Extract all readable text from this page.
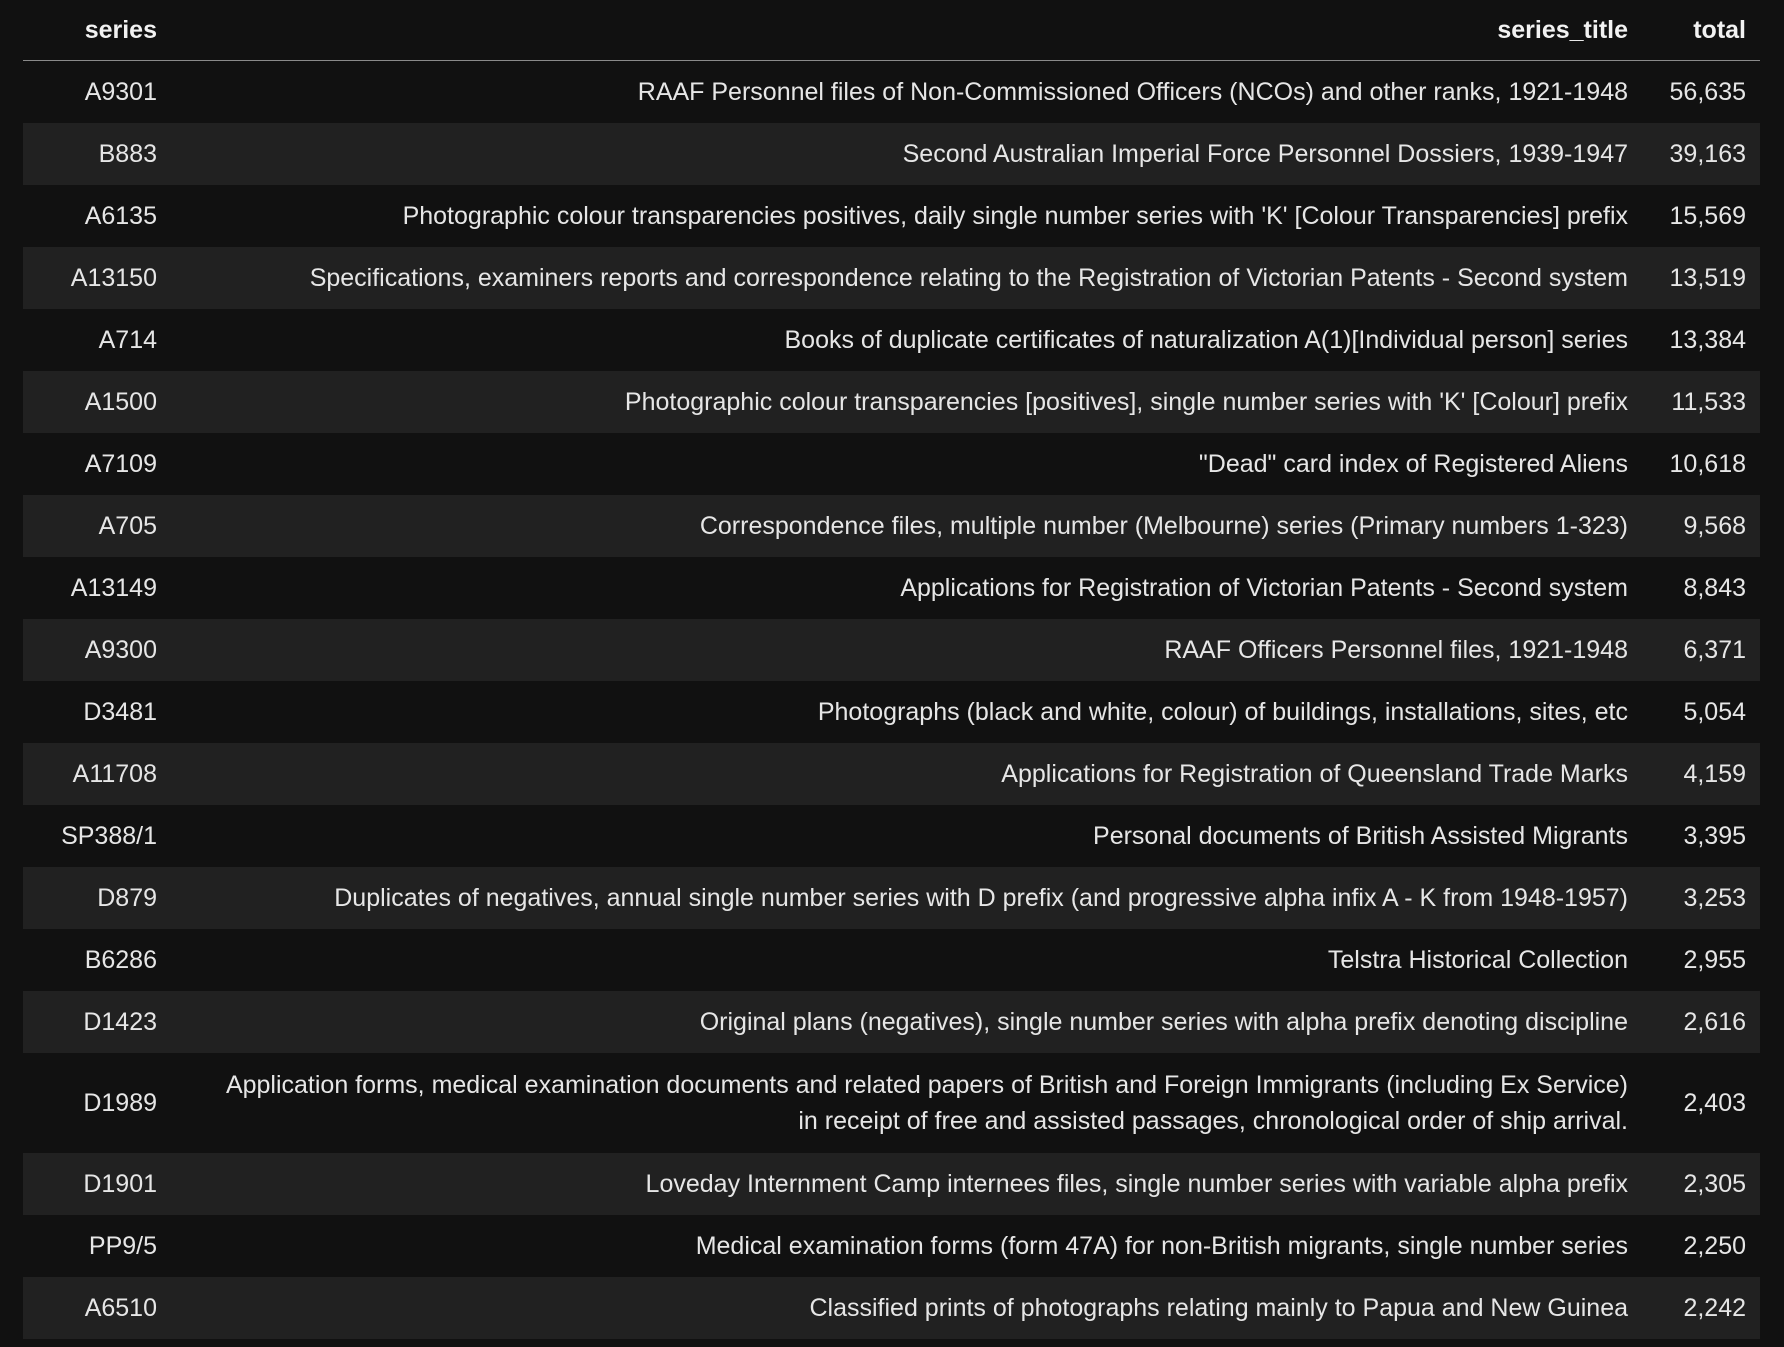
series	series_title	total
A9301	RAAF Personnel files of Non-Commissioned Officers (NCOs) and other ranks, 1921-1948	56,635
B883	Second Australian Imperial Force Personnel Dossiers, 1939-1947	39,163
A6135	Photographic colour transparencies positives, daily single number series with 'K' [Colour Transparencies] prefix	15,569
A13150	Specifications, examiners reports and correspondence relating to the Registration of Victorian Patents - Second system	13,519
A714	Books of duplicate certificates of naturalization A(1)[Individual person] series	13,384
A1500	Photographic colour transparencies [positives], single number series with 'K' [Colour] prefix	11,533
A7109	"Dead" card index of Registered Aliens	10,618
A705	Correspondence files, multiple number (Melbourne) series (Primary numbers 1-323)	9,568
A13149	Applications for Registration of Victorian Patents - Second system	8,843
A9300	RAAF Officers Personnel files, 1921-1948	6,371
D3481	Photographs (black and white, colour) of buildings, installations, sites, etc	5,054
A11708	Applications for Registration of Queensland Trade Marks	4,159
SP388/1	Personal documents of British Assisted Migrants	3,395
D879	Duplicates of negatives, annual single number series with D prefix (and progressive alpha infix A - K from 1948-1957)	3,253
B6286	Telstra Historical Collection	2,955
D1423	Original plans (negatives), single number series with alpha prefix denoting discipline	2,616
D1989	Application forms, medical examination documents and related papers of British and Foreign Immigrants (including Ex Service)
in receipt of free and assisted passages, chronological order of ship arrival.	2,403
D1901	Loveday Internment Camp internees files, single number series with variable alpha prefix	2,305
PP9/5	Medical examination forms (form 47A) for non-British migrants, single number series	2,250
A6510	Classified prints of photographs relating mainly to Papua and New Guinea	2,242
